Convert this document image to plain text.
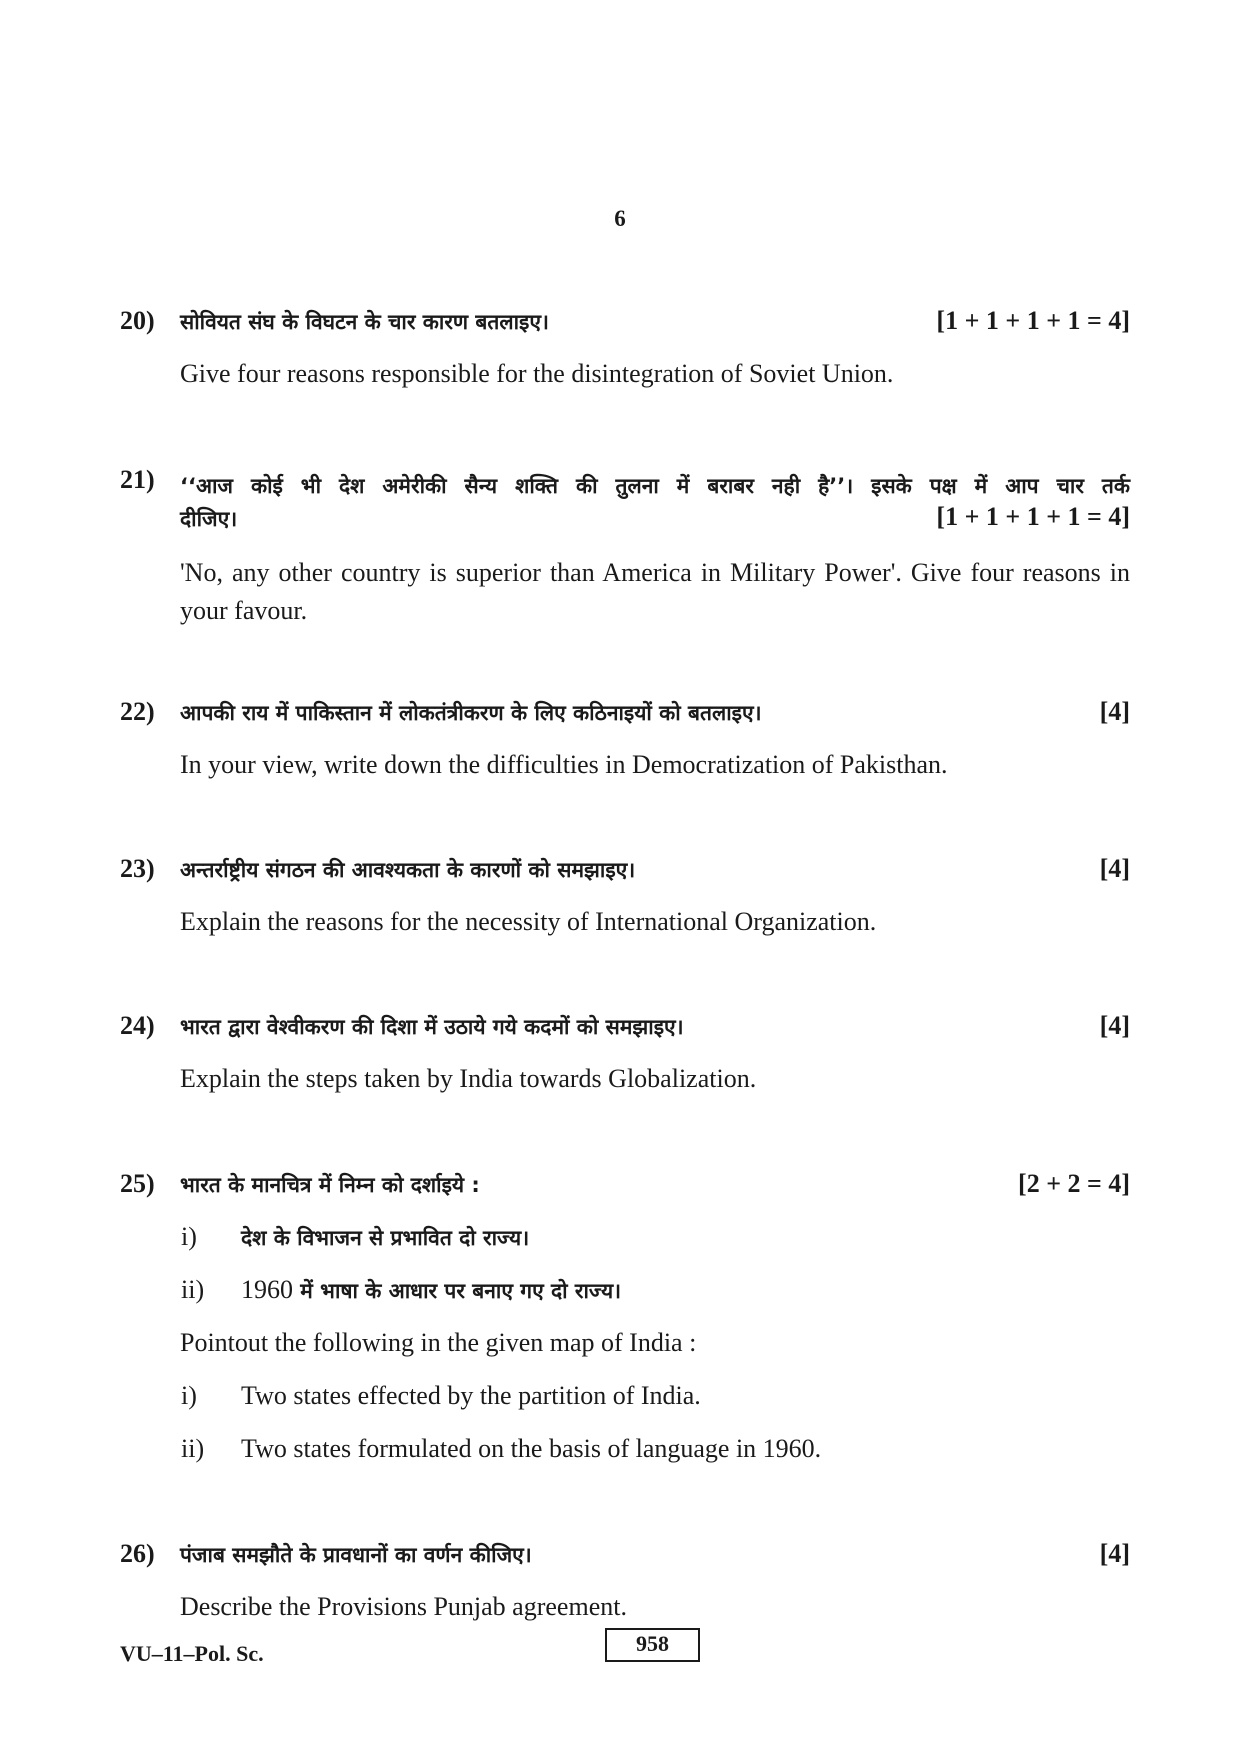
6
20) सोवियत संघ के विघटन के चार कारण बतलाइए।	[1 + 1 + 1 + 1 = 4]
Give four reasons responsible for the disintegration of Soviet Union.
21) ‘‘आज कोई भी देश अमेरीकी सैन्य शक्ति की तुलना में बराबर नही है’’। इसके पक्ष में आप चार तर्क
दीजिए।	[1 + 1 + 1 + 1 = 4]
'No, any other country is superior than America in Military Power'. Give four reasons in your favour.
22) आपकी राय में पाकिस्तान में लोकतंत्रीकरण के लिए कठिनाइयों को बतलाइए।	[4]
In your view, write down the difficulties in Democratization of Pakisthan.
23) अन्तर्राष्ट्रीय संगठन की आवश्यकता के कारणों को समझाइए।	[4]
Explain the reasons for the necessity of International Organization.
24) भारत द्वारा वेश्वीकरण की दिशा में उठाये गये कदमों को समझाइए।	[4]
Explain the steps taken by India towards Globalization.
25) भारत के मानचित्र में निम्न को दर्शाइये :	[2 + 2 = 4]
i) देश के विभाजन से प्रभावित दो राज्य।
ii) 1960 में भाषा के आधार पर बनाए गए दो राज्य।
Pointout the following in the given map of India :
i) Two states effected by the partition of India.
ii) Two states formulated on the basis of language in 1960.
26) पंजाब समझौते के प्रावधानों का वर्णन कीजिए।	[4]
Describe the Provisions Punjab agreement.
VU–11–Pol. Sc.	958
